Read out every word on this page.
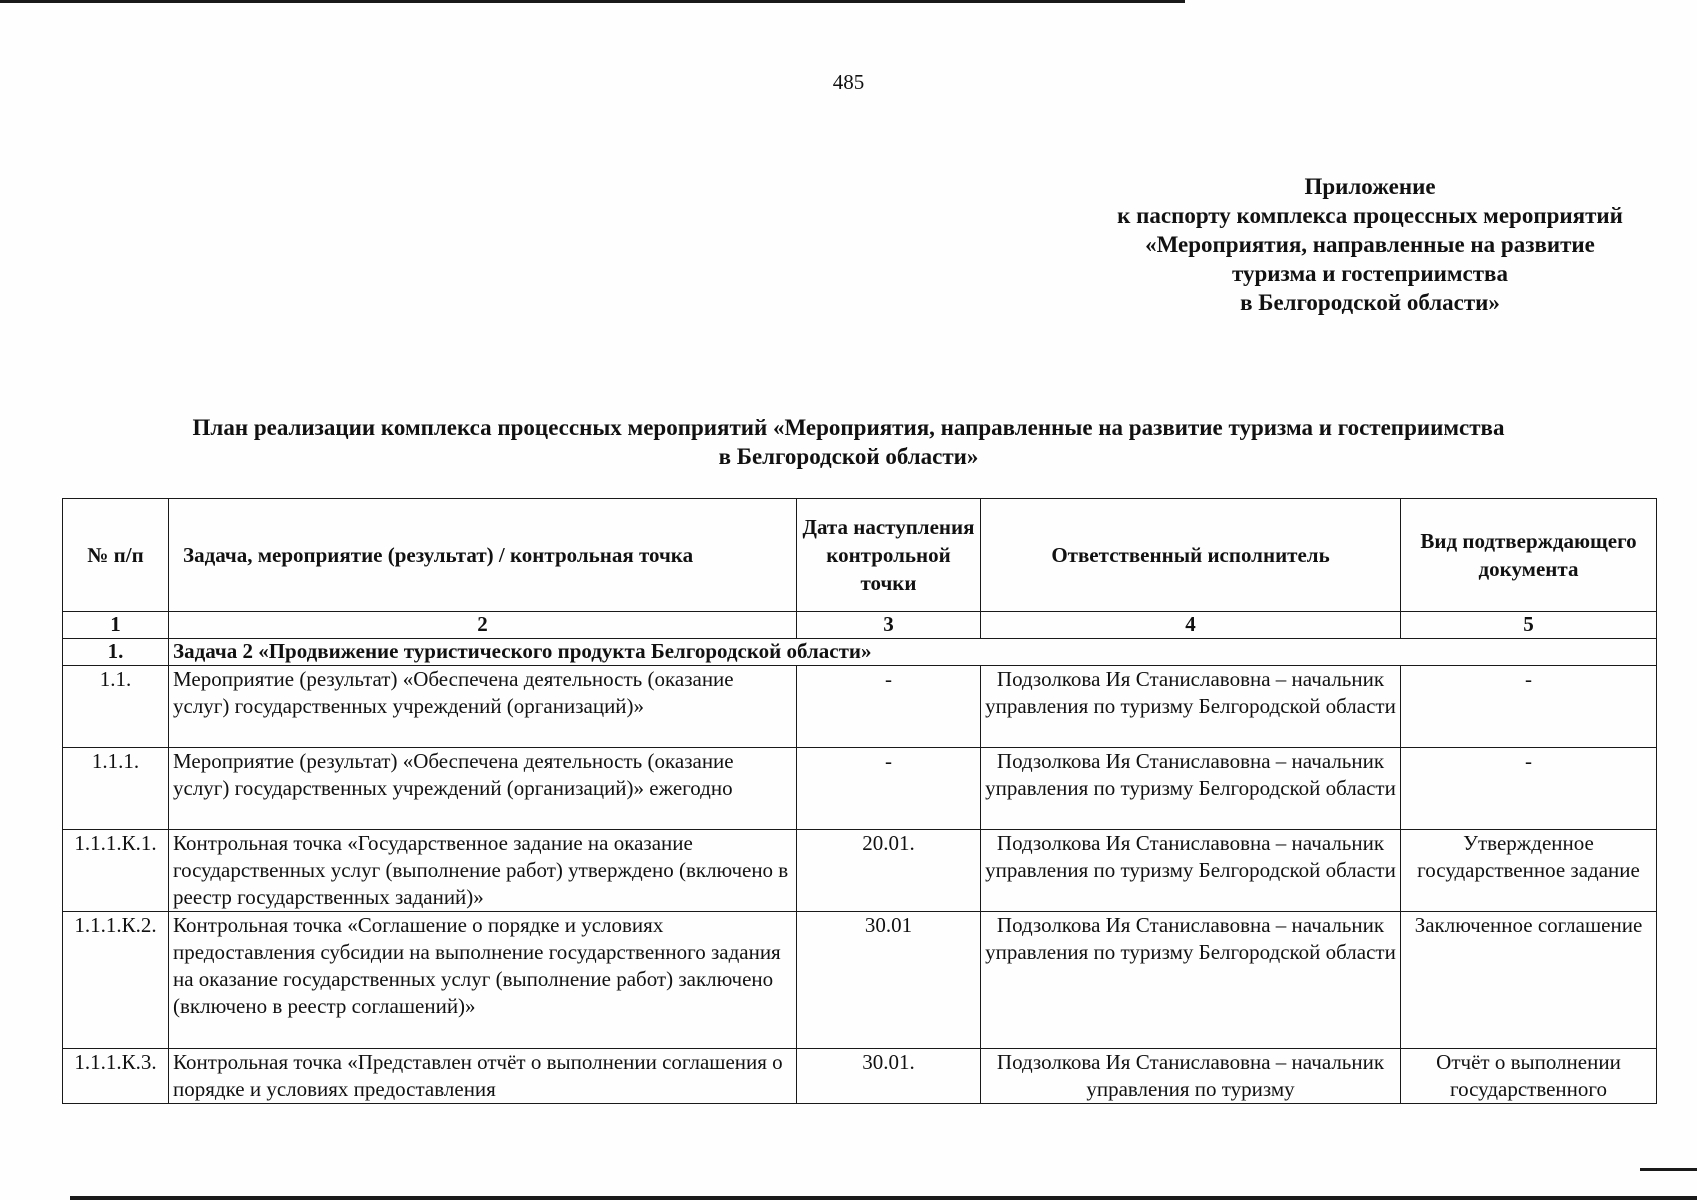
485
Приложение
к паспорту комплекса процессных мероприятий
«Мероприятия, направленные на развитие
туризма и гостеприимства
в Белгородской области»
План реализации комплекса процессных мероприятий «Мероприятия, направленные на развитие туризма и гостеприимства
в Белгородской области»
№ п/п	Задача, мероприятие (результат) / контрольная точка	Дата наступления контрольной точки	Ответственный исполнитель	Вид подтверждающего документа
1	2	3	4	5
1.	Задача 2 «Продвижение туристического продукта Белгородской области»			
1.1.	Мероприятие (результат) «Обеспечена деятельность (оказание услуг) государственных учреждений (организаций)»	-	Подзолкова Ия Станиславовна – начальник управления по туризму Белгородской области	-
1.1.1.	Мероприятие (результат) «Обеспечена деятельность (оказание услуг) государственных учреждений (организаций)» ежегодно	-	Подзолкова Ия Станиславовна – начальник управления по туризму Белгородской области	-
1.1.1.К.1.	Контрольная точка «Государственное задание на оказание государственных услуг (выполнение работ) утверждено (включено в реестр государственных заданий)»	20.01.	Подзолкова Ия Станиславовна – начальник управления по туризму Белгородской области	Утвержденное государственное задание
1.1.1.К.2.	Контрольная точка «Соглашение о порядке и условиях предоставления субсидии на выполнение государственного задания на оказание государственных услуг (выполнение работ) заключено (включено в реестр соглашений)»	30.01	Подзолкова Ия Станиславовна – начальник управления по туризму Белгородской области	Заключенное соглашение
1.1.1.К.3.	Контрольная точка «Представлен отчёт о выполнении соглашения о порядке и условиях предоставления	30.01.	Подзолкова Ия Станиславовна – начальник управления по туризму	Отчёт о выполнении государственного
